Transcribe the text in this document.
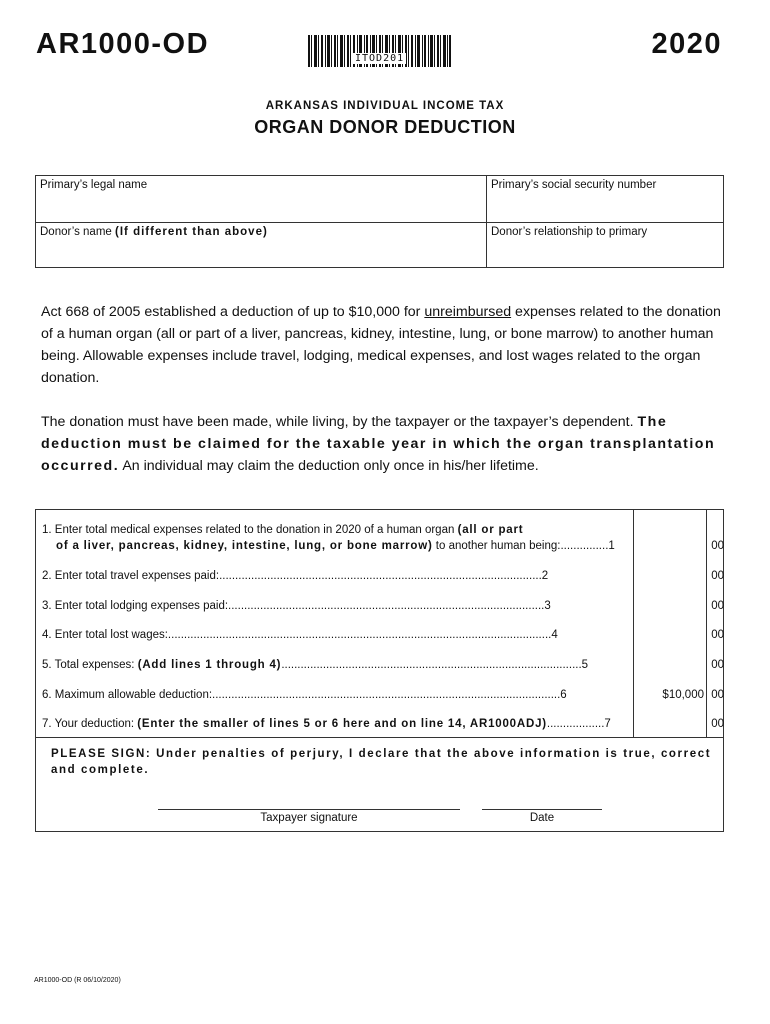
AR1000-OD	ITOD201	2020
ARKANSAS INDIVIDUAL INCOME TAX
ORGAN DONOR DEDUCTION
Primary’s legal name	Primary’s social security number
Donor’s name (If different than above)	Donor’s relationship to primary
Act 668 of 2005 established a deduction of up to $10,000 for unreimbursed expenses related to the donation of a human organ (all or part of a liver, pancreas, kidney, intestine, lung, or bone marrow) to another human being. Allowable expenses include travel, lodging, medical expenses, and lost wages related to the organ donation.
The donation must have been made, while living, by the taxpayer or the taxpayer’s dependent. The deduction must be claimed for the taxable year in which the organ transplantation occurred. An individual may claim the deduction only once in his/her lifetime.
1. Enter total medical expenses related to the donation in 2020 of a human organ (all or part
of a liver, pancreas, kidney, intestine, lung, or bone marrow) to another human being:...............1	00
2. Enter total travel expenses paid:.....................................................................................................2	00
3. Enter total lodging expenses paid:...................................................................................................3	00
4. Enter total lost wages:........................................................................................................................4	00
5. Total expenses: (Add lines 1 through 4)..............................................................................................5	00
6. Maximum allowable deduction:.............................................................................................................6	$10,000 00
7. Your deduction: (Enter the smaller of lines 5 or 6 here and on line 14, AR1000ADJ)..................7	00
PLEASE SIGN: Under penalties of perjury, I declare that the above information is true, correct and complete.
Taxpayer signature	Date
AR1000-OD (R 06/10/2020)
